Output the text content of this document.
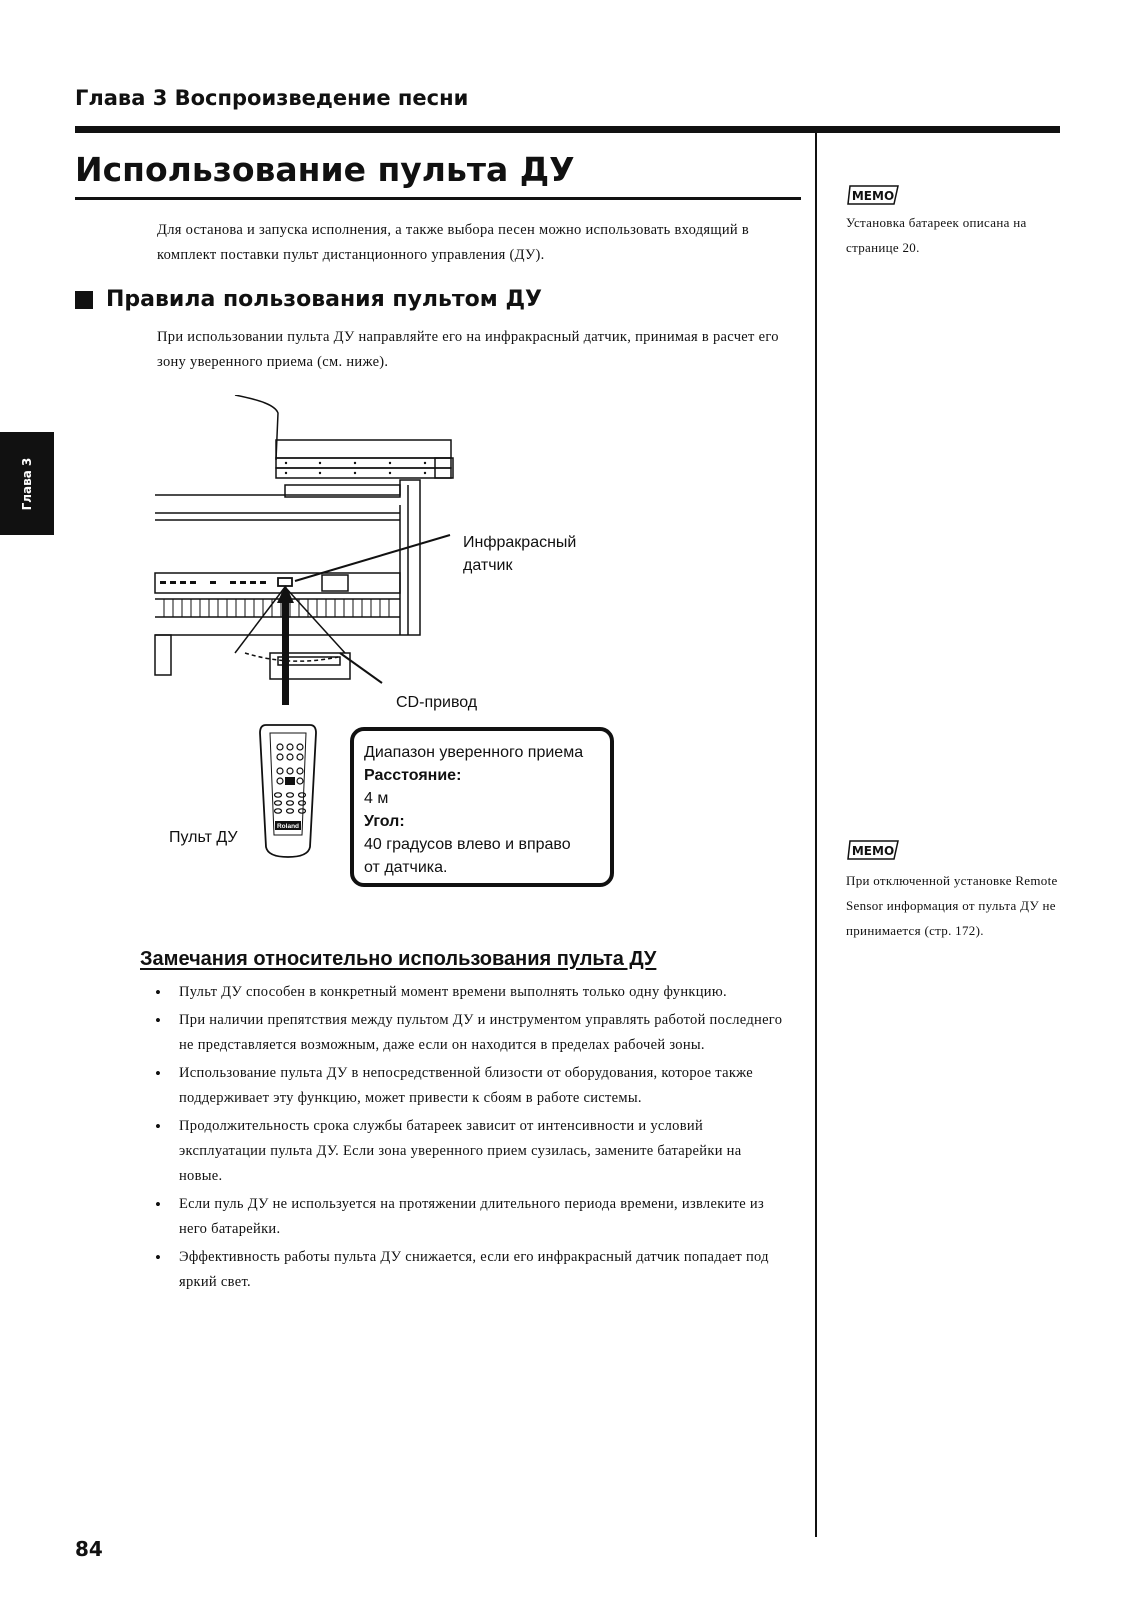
Глава 3 Воспроизведение песни
Глава 3
Использование пульта ДУ
Для останова и запуска исполнения, а также выбора песен можно использовать входящий в комплект поставки пульт дистанционного управления (ДУ).
Правила пользования пультом ДУ
При использовании пульта ДУ направляйте его на инфракрасный датчик, принимая в расчет его зону уверенного приема (см. ниже).
Roland
Инфракрасный
датчик
CD-привод
Пульт ДУ
Диапазон уверенного приема
Расстояние:
4 м
Угол:
40 градусов влево и вправо
от датчика.
Замечания относительно использования пульта ДУ
• Пульт ДУ способен в конкретный момент времени выполнять только одну функцию.
• При наличии препятствия между пультом ДУ и инструментом управлять работой последнего не представляется возможным, даже если он находится в пределах рабочей зоны.
• Использование пульта ДУ в непосредственной близости от оборудования, которое также поддерживает эту функцию, может привести к сбоям в работе системы.
• Продолжительность срока службы батареек зависит от интенсивности и условий эксплуатации пульта ДУ. Если зона уверенного прием сузилась, замените батарейки на новые.
• Если пуль ДУ не используется на протяжении длительного периода времени, извлеките из него батарейки.
• Эффективность работы пульта ДУ снижается, если его инфракрасный датчик попадает под яркий свет.
MEMO
Установка батареек описана на странице 20.
MEMO
При отключенной установке Remote Sensor информация от пульта ДУ не принимается (стр. 172).
84
